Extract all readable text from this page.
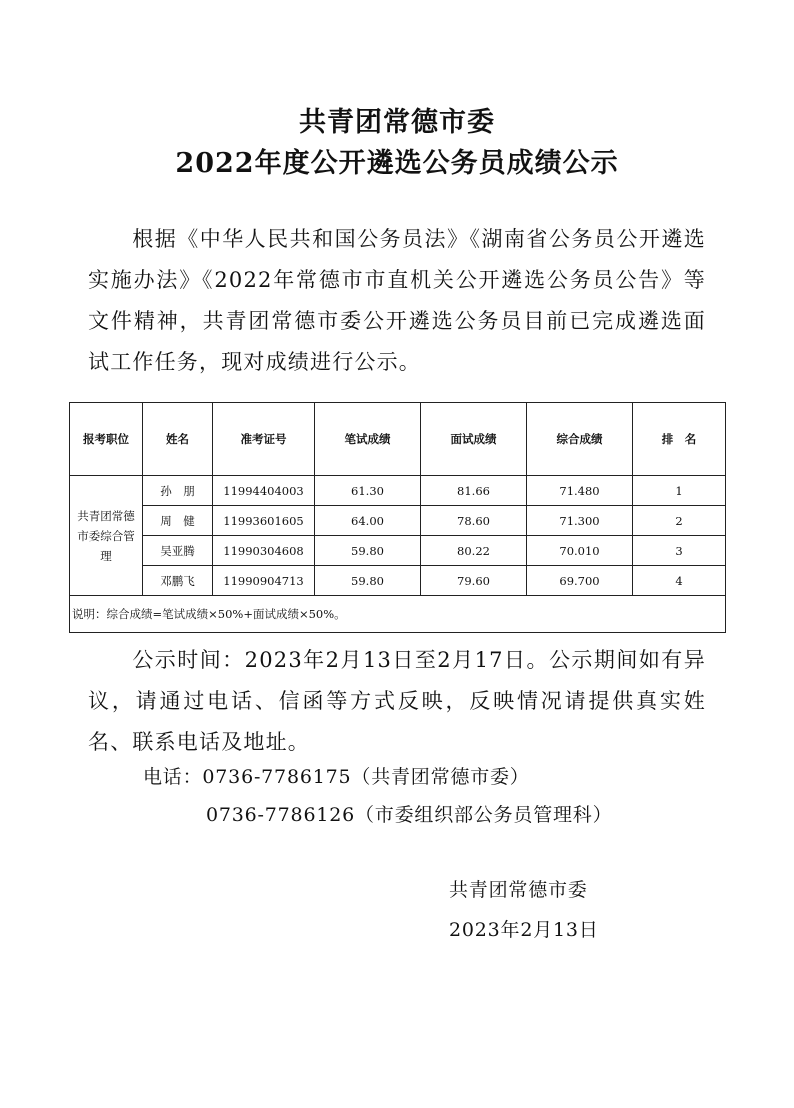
共青团常德市委
2022年度公开遴选公务员成绩公示
根据《中华人民共和国公务员法》《湖南省公务员公开遴选实施办法》《2022年常德市市直机关公开遴选公务员公告》等文件精神，共青团常德市委公开遴选公务员目前已完成遴选面试工作任务，现对成绩进行公示。
报考职位	姓名	准考证号	笔试成绩	面试成绩	综合成绩	排　名
共青团常德市委综合管理	孙　朋	11994404003	61.30	81.66	71.480	1
	周　健	11993601605	64.00	78.60	71.300	2
	吴亚腾	11990304608	59.80	80.22	70.010	3
	邓鹏飞	11990904713	59.80	79.60	69.700	4
说明：综合成绩=笔试成绩×50%+面试成绩×50%。						
公示时间：2023年2月13日至2月17日。公示期间如有异议，请通过电话、信函等方式反映，反映情况请提供真实姓名、联系电话及地址。
电话：0736-7786175（共青团常德市委）
0736-7786126（市委组织部公务员管理科）
共青团常德市委
2023年2月13日
